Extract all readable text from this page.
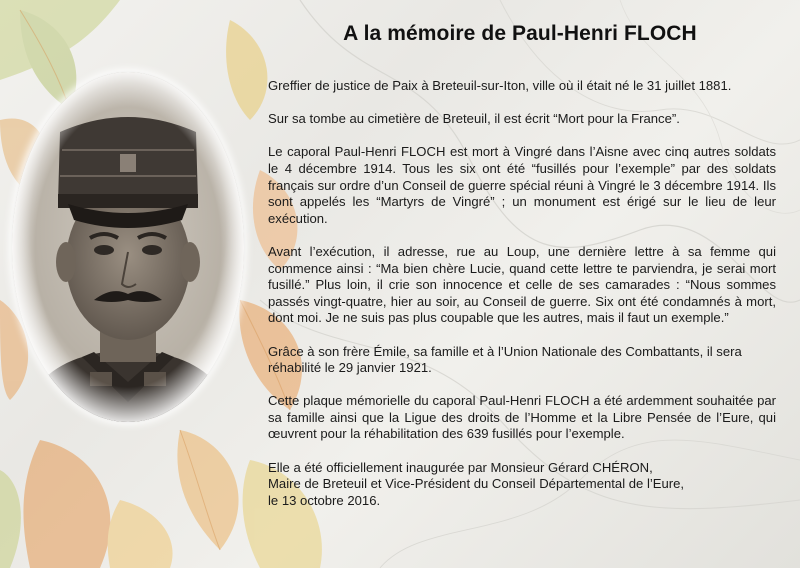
A la mémoire de Paul-Henri FLOCH

Greffier de justice de Paix à Breteuil-sur-Iton, ville où il était né le 31 juillet 1881.

Sur sa tombe au cimetière de Breteuil, il est écrit “Mort pour la France”.

Le caporal Paul-Henri FLOCH est mort à Vingré dans l’Aisne avec cinq autres soldats le 4 décembre 1914. Tous les six ont été “fusillés pour l’exemple” par des soldats français sur ordre d’un Conseil de guerre spécial réuni à Vingré le 3 décembre 1914. Ils sont appelés les “Martyrs de Vingré” ; un monument est érigé sur le lieu de leur exécution.

Avant l’exécution, il adresse, rue au Loup, une dernière lettre à sa femme qui commence ainsi : “Ma bien chère Lucie, quand cette lettre te parviendra, je serai mort fusillé.” Plus loin, il crie son innocence et celle de ses camarades : “Nous sommes passés vingt-quatre, hier au soir, au Conseil de guerre. Six ont été condamnés à mort, dont moi. Je ne suis pas plus coupable que les autres, mais il faut un exemple.”

Grâce à son frère Émile, sa famille et à l’Union Nationale des Combattants, il sera réhabilité le 29 janvier 1921.

Cette plaque mémorielle du caporal Paul-Henri FLOCH a été ardemment souhaitée par sa famille ainsi que la Ligue des droits de l’Homme et la Libre Pensée de l’Eure, qui œuvrent pour la réhabilitation des 639 fusillés pour l’exemple.

Elle a été officiellement inaugurée par Monsieur Gérard CHÉRON,
Maire de Breteuil et Vice-Président du Conseil Départemental de l’Eure,
le 13 octobre 2016.
